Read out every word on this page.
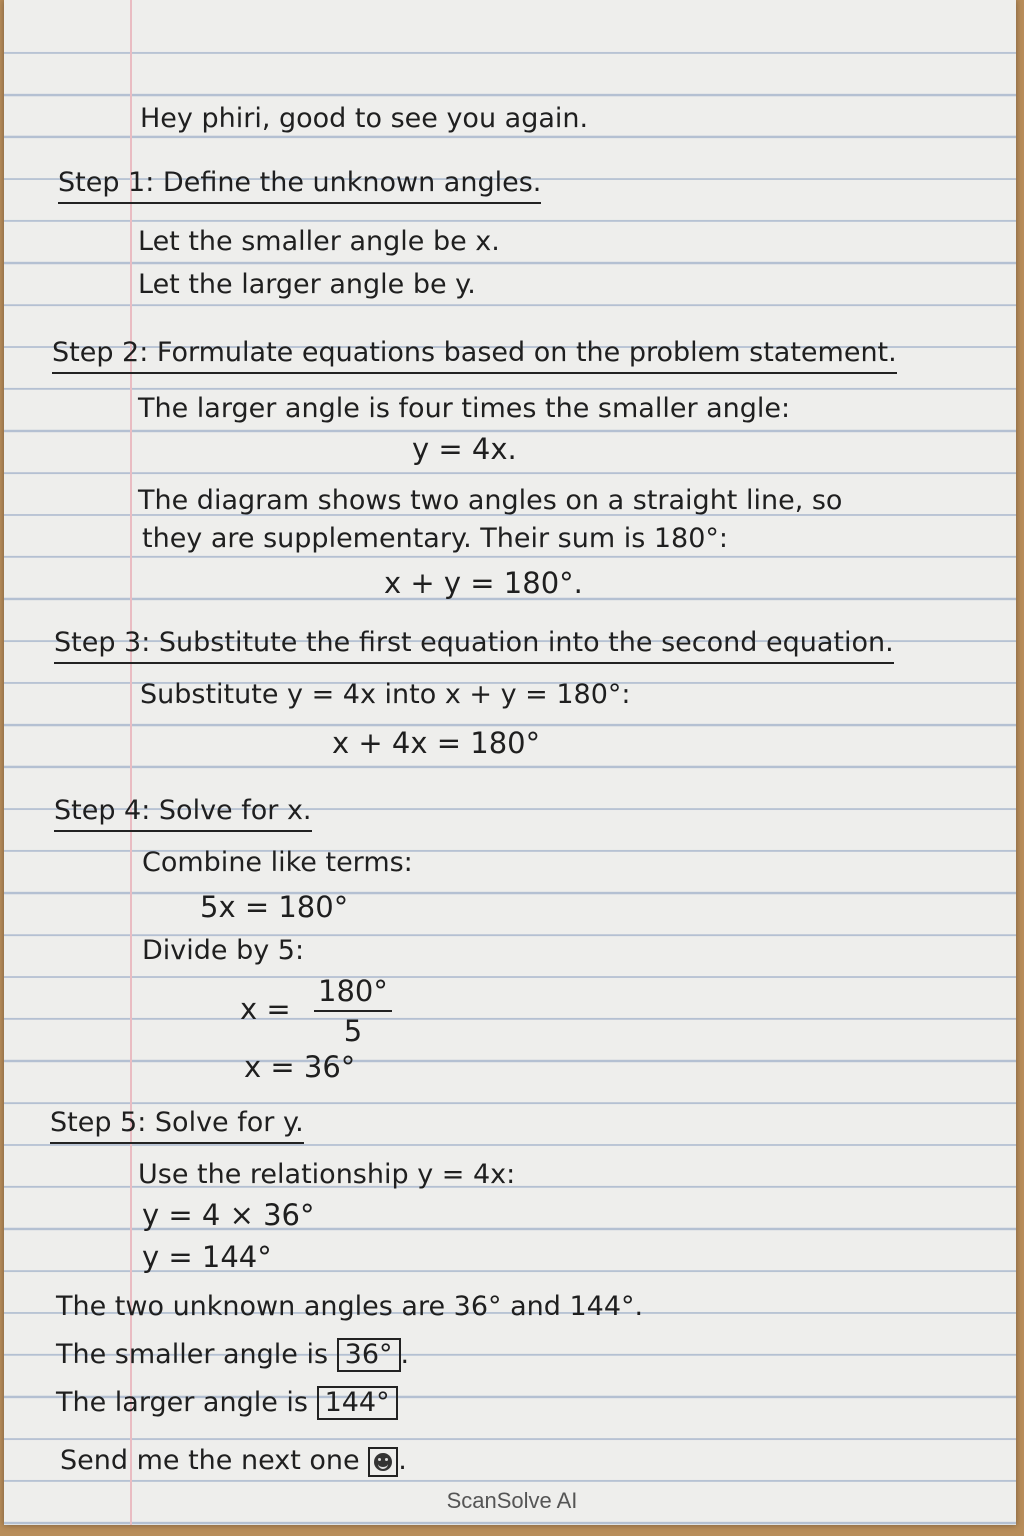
Hey phiri, good to see you again.
Step 1: Define the unknown angles.
Let the smaller angle be x.
Let the larger angle be y.
Step 2: Formulate equations based on the problem statement.
The larger angle is four times the smaller angle:
y = 4x.
The diagram shows two angles on a straight line, so
they are supplementary. Their sum is 180°:
x + y = 180°.
Step 3: Substitute the first equation into the second equation.
Substitute y = 4x into x + y = 180°:
x + 4x = 180°
Step 4: Solve for x.
Combine like terms:
5x = 180°
Divide by 5:
$x = \frac{180^\circ}{5}$
x = 36°
Step 5: Solve for y.
Use the relationship y = 4x:
y = 4 × 36°
y = 144°
The two unknown angles are 36° and 144°.
The smaller angle is 36° .
The larger angle is 144°
Send me the next one .
ScanSolve AI
